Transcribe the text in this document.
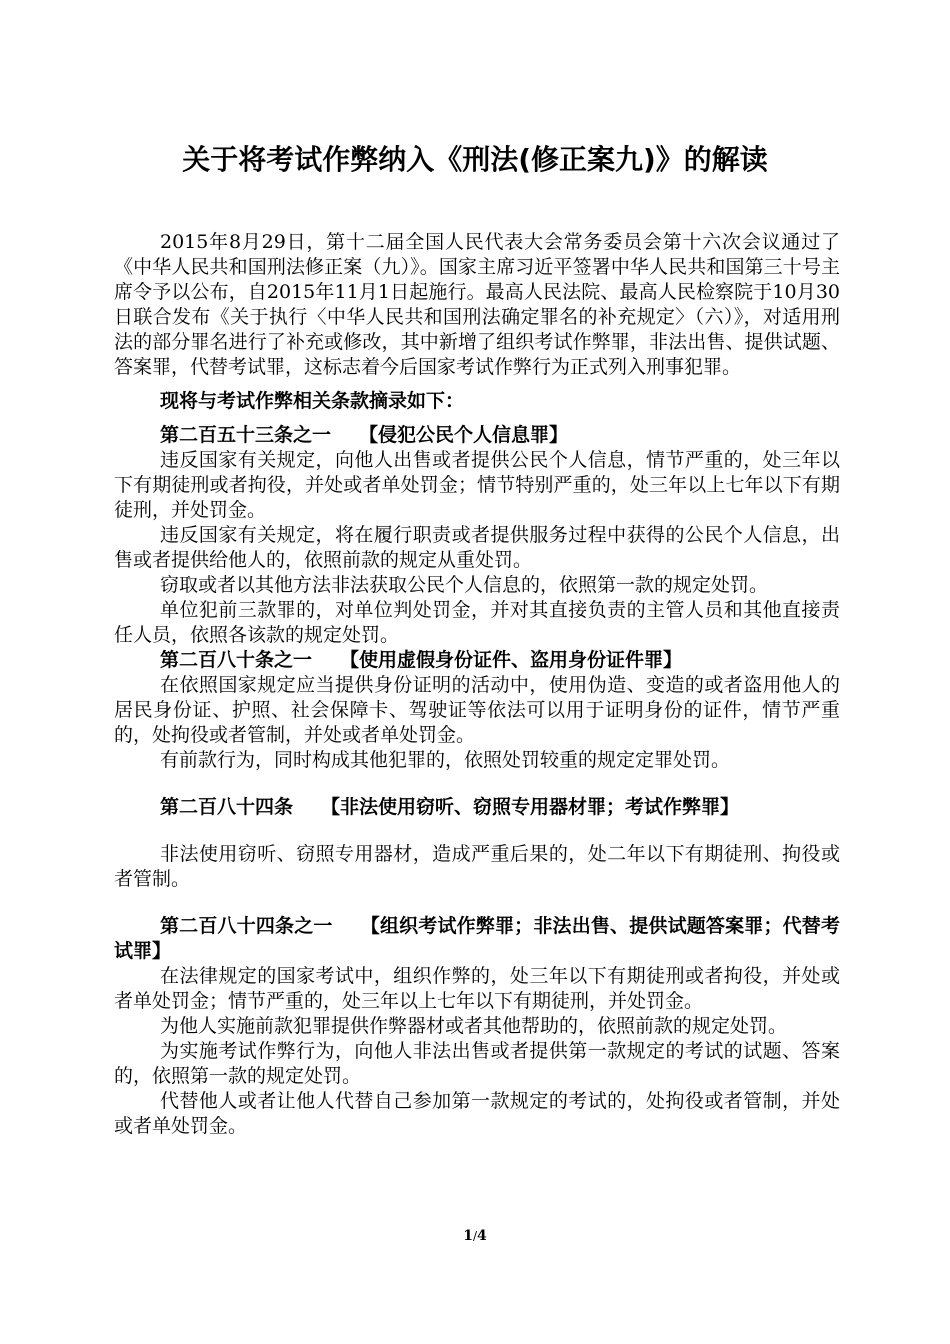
关于将考试作弊纳入《刑法(修正案九)》的解读

2015年8月29日，第十二届全国人民代表大会常务委员会第十六次会议通过了《中华人民共和国刑法修正案（九）》。国家主席习近平签署中华人民共和国第三十号主席令予以公布，自2015年11月1日起施行。最高人民法院、最高人民检察院于10月30日联合发布《关于执行〈中华人民共和国刑法确定罪名的补充规定〉（六）》，对适用刑法的部分罪名进行了补充或修改，其中新增了组织考试作弊罪，非法出售、提供试题、答案罪，代替考试罪，这标志着今后国家考试作弊行为正式列入刑事犯罪。

现将与考试作弊相关条款摘录如下：

第二百五十三条之一 【侵犯公民个人信息罪】

违反国家有关规定，向他人出售或者提供公民个人信息，情节严重的，处三年以下有期徒刑或者拘役，并处或者单处罚金；情节特别严重的，处三年以上七年以下有期徒刑，并处罚金。

违反国家有关规定，将在履行职责或者提供服务过程中获得的公民个人信息，出售或者提供给他人的，依照前款的规定从重处罚。

窃取或者以其他方法非法获取公民个人信息的，依照第一款的规定处罚。

单位犯前三款罪的，对单位判处罚金，并对其直接负责的主管人员和其他直接责任人员，依照各该款的规定处罚。

第二百八十条之一 【使用虚假身份证件、盗用身份证件罪】

在依照国家规定应当提供身份证明的活动中，使用伪造、变造的或者盗用他人的居民身份证、护照、社会保障卡、驾驶证等依法可以用于证明身份的证件，情节严重的，处拘役或者管制，并处或者单处罚金。

有前款行为，同时构成其他犯罪的，依照处罚较重的规定定罪处罚。

第二百八十四条 【非法使用窃听、窃照专用器材罪；考试作弊罪】

非法使用窃听、窃照专用器材，造成严重后果的，处二年以下有期徒刑、拘役或者管制。

第二百八十四条之一 【组织考试作弊罪；非法出售、提供试题答案罪；代替考试罪】

在法律规定的国家考试中，组织作弊的，处三年以下有期徒刑或者拘役，并处或者单处罚金；情节严重的，处三年以上七年以下有期徒刑，并处罚金。

为他人实施前款犯罪提供作弊器材或者其他帮助的，依照前款的规定处罚。

为实施考试作弊行为，向他人非法出售或者提供第一款规定的考试的试题、答案的，依照第一款的规定处罚。

代替他人或者让他人代替自己参加第一款规定的考试的，处拘役或者管制，并处或者单处罚金。

1/4
